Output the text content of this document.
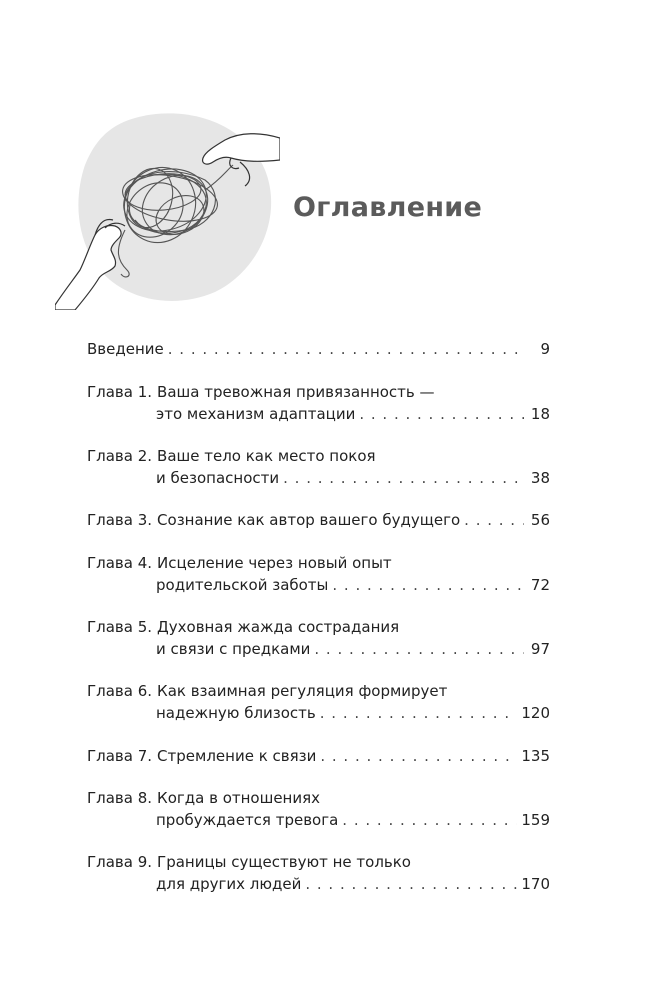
Оглавление
Введение . . .	9
Глава 1. Ваша тревожная привязанность —
это механизм адаптации . . .	18
Глава 2. Ваше тело как место покоя
и безопасности . . .	38
Глава 3. Сознание как автор вашего будущего . . .	56
Глава 4. Исцеление через новый опыт
родительской заботы . . .	72
Глава 5. Духовная жажда сострадания
и связи с предками . . .	97
Глава 6. Как взаимная регуляция формирует
надежную близость . . .	120
Глава 7. Стремление к связи . . .	135
Глава 8. Когда в отношениях
пробуждается тревога . . .	159
Глава 9. Границы существуют не только
для других людей . . .	170
